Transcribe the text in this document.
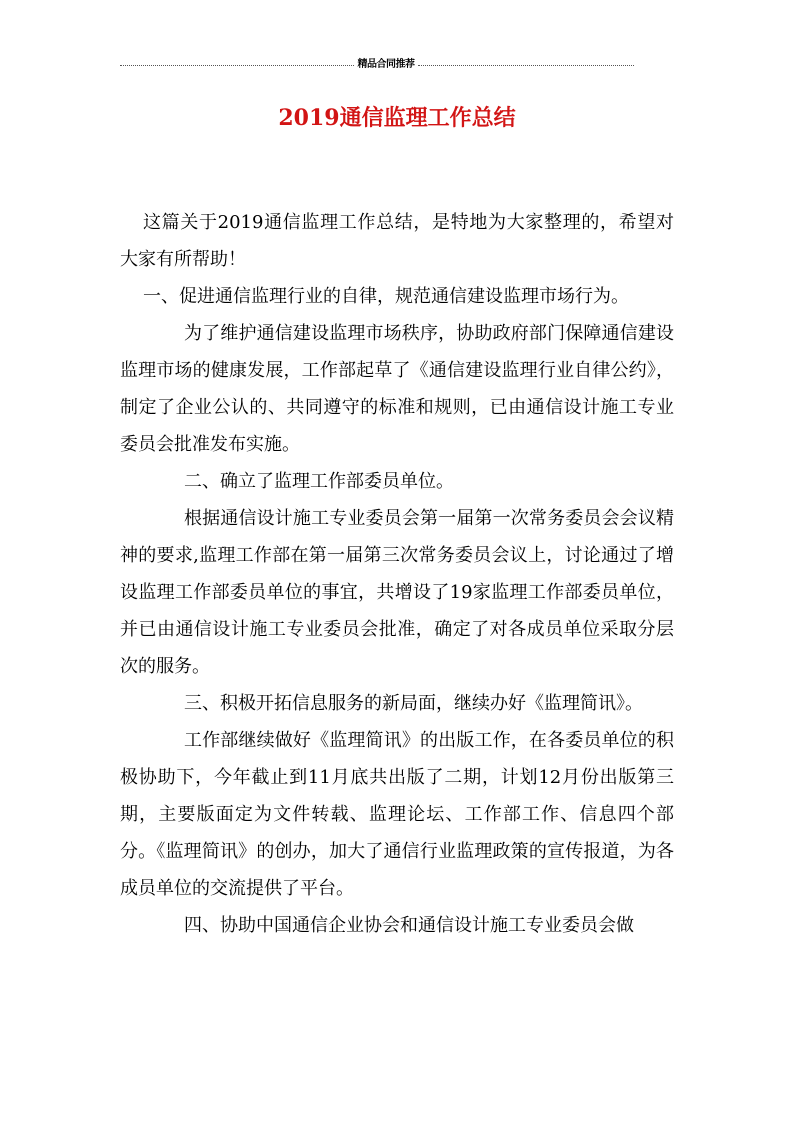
精品合同推荐
2019通信监理工作总结

这篇关于2019通信监理工作总结，是特地为大家整理的，希望对大家有所帮助！

一、促进通信监理行业的自律，规范通信建设监理市场行为。

为了维护通信建设监理市场秩序，协助政府部门保障通信建设监理市场的健康发展，工作部起草了《通信建设监理行业自律公约》，制定了企业公认的、共同遵守的标准和规则，已由通信设计施工专业委员会批准发布实施。

二、确立了监理工作部委员单位。

根据通信设计施工专业委员会第一届第一次常务委员会会议精神的要求,监理工作部在第一届第三次常务委员会议上，讨论通过了增设监理工作部委员单位的事宜，共增设了19家监理工作部委员单位，并已由通信设计施工专业委员会批准，确定了对各成员单位采取分层次的服务。

三、积极开拓信息服务的新局面，继续办好《监理简讯》。

工作部继续做好《监理简讯》的出版工作，在各委员单位的积极协助下，今年截止到11月底共出版了二期，计划12月份出版第三期，主要版面定为文件转载、监理论坛、工作部工作、信息四个部分。《监理简讯》的创办，加大了通信行业监理政策的宣传报道，为各成员单位的交流提供了平台。

四、协助中国通信企业协会和通信设计施工专业委员会做
